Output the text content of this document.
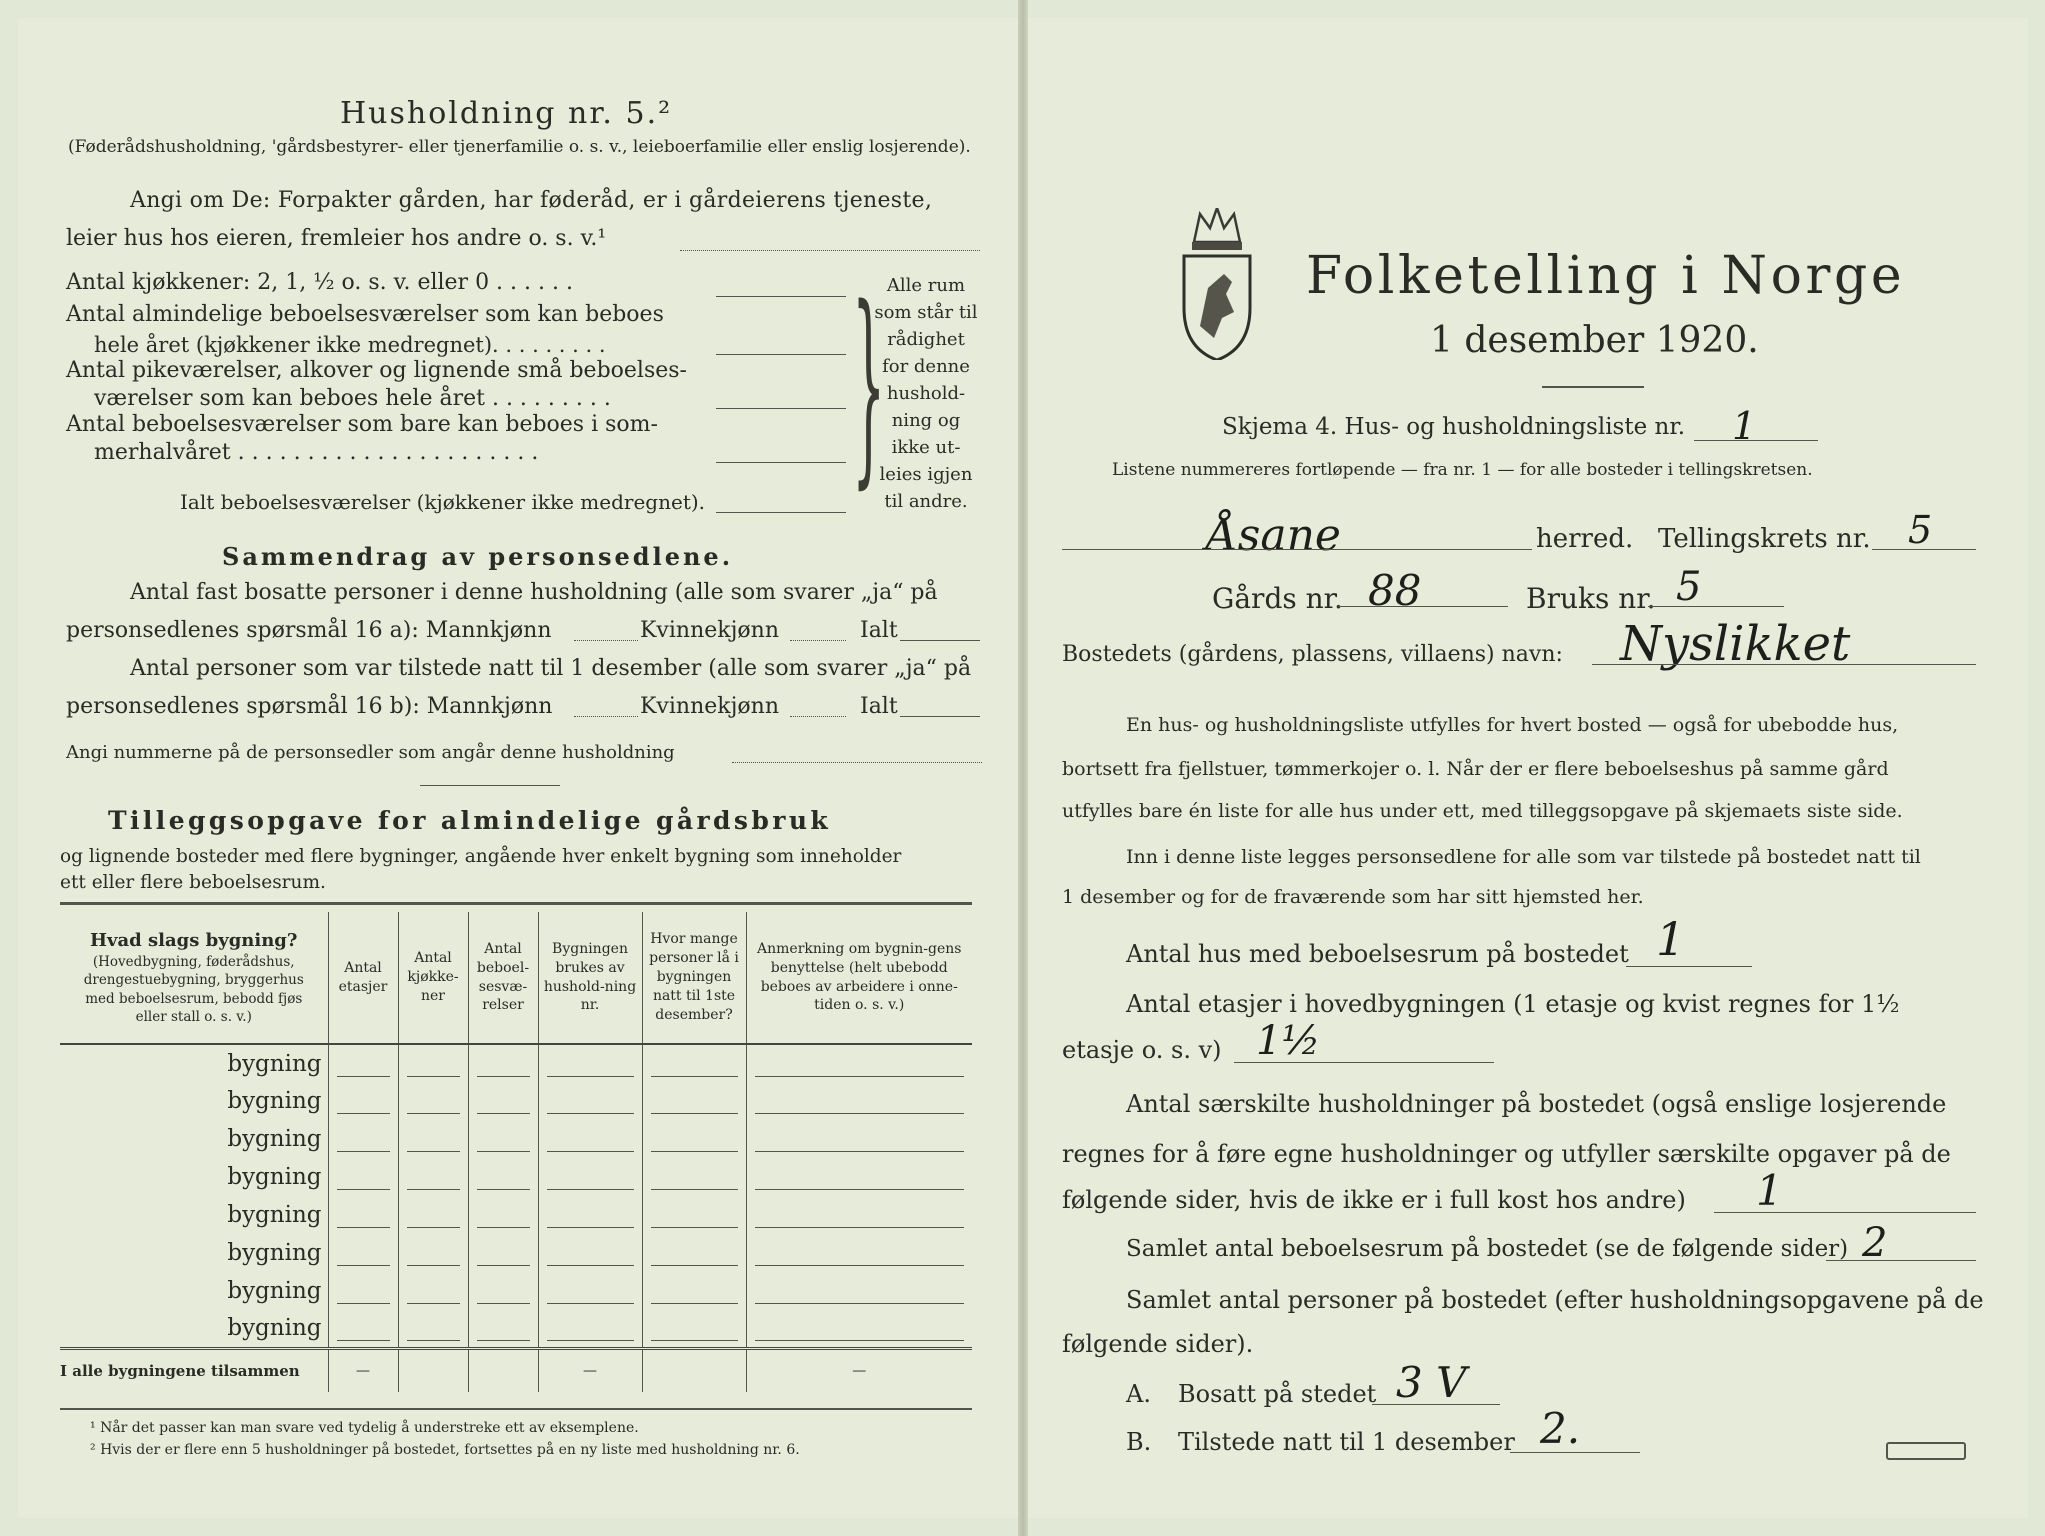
Husholdning nr. 5.²
(Føderådshusholdning, 'gårdsbestyrer- eller tjenerfamilie o. s. v., leieboerfamilie eller enslig losjerende).
Angi om De: Forpakter gården, har føderåd, er i gårdeierens tjeneste,
leier hus hos eieren, fremleier hos andre o. s. v.¹
Antal kjøkkener: 2, 1, ½ o. s. v. eller 0 . . . . . .
Antal almindelige beboelsesværelser som kan beboes
hele året (kjøkkener ikke medregnet). . . . . . . . .
Antal pikeværelser, alkover og lignende små beboelses-
værelser som kan beboes hele året . . . . . . . . .
Antal beboelsesværelser som bare kan beboes i som-
merhalvåret . . . . . . . . . . . . . . . . . . . . . .
Ialt beboelsesværelser (kjøkkener ikke medregnet). } Alle rum
som står til
rådighet
for denne
hushold-
ning og
ikke ut-
leies igjen
til andre.
Sammendrag av personsedlene.
Antal fast bosatte personer i denne husholdning (alle som svarer „ja“ på
personsedlenes spørsmål 16 a): Mannkjønn	Kvinnekjønn	Ialt
Antal personer som var tilstede natt til 1 desember (alle som svarer „ja“ på
personsedlenes spørsmål 16 b): Mannkjønn	Kvinnekjønn	Ialt
Angi nummerne på de personsedler som angår denne husholdning
Tilleggsopgave for almindelige gårdsbruk
og lignende bosteder med flere bygninger, angående hver enkelt bygning som inneholder
ett eller flere beboelsesrum.
Hvad slags bygning?
(Hovedbygning, føderådshus, drengestuebygning, bryggerhus med beboelsesrum, bebodd fjøs eller stall o. s. v.)	Antal etasjer	Antal kjøkke-ner	Antal beboel-sesvæ-relser	Bygningen brukes av hushold-ning nr.	Hvor mange personer lå i bygningen natt til 1ste desember?	Anmerkning om bygnin-gens benyttelse (helt ubebodd beboes av arbeidere i onne-tiden o. s. v.)
bygning	

bygning	

bygning	

bygning	

bygning	

bygning	

bygning	

bygning	

I alle bygningene tilsammen	—			—		—
¹ Når det passer kan man svare ved tydelig å understreke ett av eksemplene.
² Hvis der er flere enn 5 husholdninger på bostedet, fortsettes på en ny liste med husholdning nr. 6.
Folketelling i Norge
1 desember 1920.
Skjema 4. Hus- og husholdningsliste nr. 1
Listene nummereres fortløpende — fra nr. 1 — for alle bosteder i tellingskretsen.
Åsane	herred. Tellingskrets nr. 5
Gårds nr. 88	Bruks nr. 5
Bostedets (gårdens, plassens, villaens) navn: Nyslikket
En hus- og husholdningsliste utfylles for hvert bosted — også for ubebodde hus,
bortsett fra fjellstuer, tømmerkojer o. l. Når der er flere beboelseshus på samme gård
utfylles bare én liste for alle hus under ett, med tilleggsopgave på skjemaets siste side.
Inn i denne liste legges personsedlene for alle som var tilstede på bostedet natt til
1 desember og for de fraværende som har sitt hjemsted her.
Antal hus med beboelsesrum på bostedet 1
Antal etasjer i hovedbygningen (1 etasje og kvist regnes for 1½
etasje o. s. v) 1½
Antal særskilte husholdninger på bostedet (også enslige losjerende
regnes for å føre egne husholdninger og utfyller særskilte opgaver på de
følgende sider, hvis de ikke er i full kost hos andre) 1
Samlet antal beboelsesrum på bostedet (se de følgende sider) 2
Samlet antal personer på bostedet (efter husholdningsopgavene på de
følgende sider).
A. Bosatt på stedet 3 V
B. Tilstede natt til 1 desember 2.
